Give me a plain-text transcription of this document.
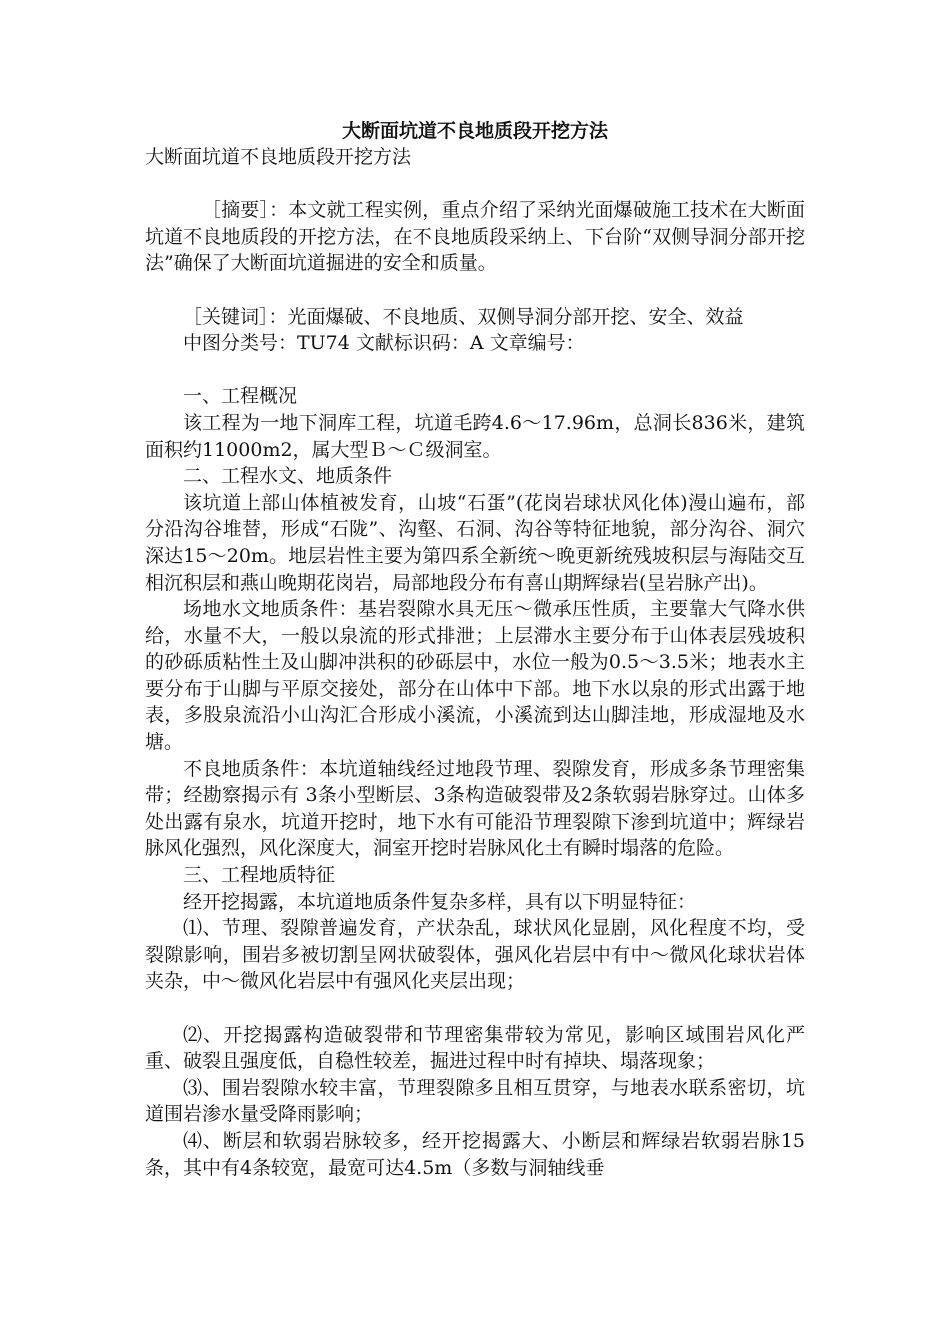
大断面坑道不良地质段开挖方法

大断面坑道不良地质段开挖方法

［摘要］：本文就工程实例，重点介绍了采纳光面爆破施工技术在大断面坑道不良地质段的开挖方法，在不良地质段采纳上、下台阶“双侧导洞分部开挖法”确保了大断面坑道掘进的安全和质量。

［关键词］：光面爆破、不良地质、双侧导洞分部开挖、安全、效益

中图分类号：TU74 文献标识码：A 文章编号：

一、工程概况

该工程为一地下洞库工程，坑道毛跨4.6～17.96m，总洞长836米，建筑面积约11000m2，属大型Ｂ～Ｃ级洞室。

二、工程水文、地质条件

该坑道上部山体植被发育，山坡“石蛋”(花岗岩球状风化体)漫山遍布，部分沿沟谷堆替，形成“石陇”、沟壑、石洞、沟谷等特征地貌，部分沟谷、洞穴深达15～20m。地层岩性主要为第四系全新统～晚更新统残坡积层与海陆交互相沉积层和燕山晚期花岗岩，局部地段分布有喜山期辉绿岩(呈岩脉产出)。

场地水文地质条件：基岩裂隙水具无压～微承压性质，主要靠大气降水供给，水量不大，一般以泉流的形式排泄；上层滞水主要分布于山体表层残坡积的砂砾质粘性土及山脚冲洪积的砂砾层中，水位一般为0.5～3.5米；地表水主要分布于山脚与平原交接处，部分在山体中下部。地下水以泉的形式出露于地表，多股泉流沿小山沟汇合形成小溪流，小溪流到达山脚洼地，形成湿地及水塘。

不良地质条件：本坑道轴线经过地段节理、裂隙发育，形成多条节理密集带；经勘察揭示有 3条小型断层、3条构造破裂带及2条软弱岩脉穿过。山体多处出露有泉水，坑道开挖时，地下水有可能沿节理裂隙下渗到坑道中；辉绿岩脉风化强烈，风化深度大，洞室开挖时岩脉风化土有瞬时塌落的危险。

三、工程地质特征

经开挖揭露，本坑道地质条件复杂多样，具有以下明显特征：

⑴、节理、裂隙普遍发育，产状杂乱，球状风化显剧，风化程度不均，受裂隙影响，围岩多被切割呈网状破裂体，强风化岩层中有中～微风化球状岩体夹杂，中～微风化岩层中有强风化夹层出现；

⑵、开挖揭露构造破裂带和节理密集带较为常见，影响区域围岩风化严重、破裂且强度低，自稳性较差，掘进过程中时有掉块、塌落现象；

⑶、围岩裂隙水较丰富，节理裂隙多且相互贯穿，与地表水联系密切，坑道围岩渗水量受降雨影响；

⑷、断层和软弱岩脉较多，经开挖揭露大、小断层和辉绿岩软弱岩脉15条，其中有4条较宽，最宽可达4.5m（多数与洞轴线垂
